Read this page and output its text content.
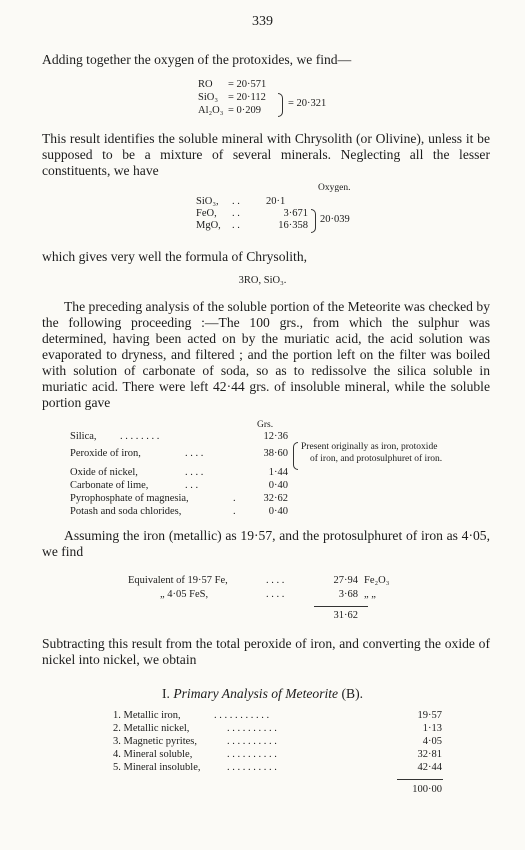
339
Adding together the oxygen of the protoxides, we find—
RO = 20·571
SiO₃ = 20·112
Al₂O₃ = 0·209
= 20·321
This result identifies the soluble mineral with Chrysolith (or Olivine), unless it be supposed to be a mixture of several minerals. Neglecting all the lesser constituents, we have
Oxygen.
SiO₃, . . 20·1
FeO, . .	3·671
MgO, . .	16·358
20·039
which gives very well the formula of Chrysolith,
3RO, SiO₃.
The preceding analysis of the soluble portion of the Meteorite was checked by the following proceeding :—The 100 grs., from which the sulphur was determined, having been acted on by the muriatic acid, the acid solution was evaporated to dryness, and filtered ; and the portion left on the filter was boiled with solution of carbonate of soda, so as to redissolve the silica soluble in muriatic acid. There were left 42·44 grs. of insoluble mineral, while the soluble portion gave
Grs.
Silica, . . . . . . . .	12·36
Peroxide of iron,	. . . .	38·60
Present originally as iron, protoxide
of iron, and protosulphuret of iron.
Oxide of nickel,	. . . .	1·44
Carbonate of lime,	. . .	0·40
Pyrophosphate of magnesia,	.	32·62
Potash and soda chlorides,	.	0·40
Assuming the iron (metallic) as 19·57, and the protosulphuret of iron as 4·05, we find
Equivalent of 19·57 Fe,	. . . .	27·94 Fe₂O₃
„ 4·05 FeS,	. . . .	3·68 „ „
31·62
Subtracting this result from the total peroxide of iron, and converting the oxide of nickel into nickel, we obtain
I. Primary Analysis of Meteorite (B).
1. Metallic iron,	. . . . . . . . . . .	19·57
2. Metallic nickel,	. . . . . . . . . .	1·13
3. Magnetic pyrites,	. . . . . . . . . .	4·05
4. Mineral soluble,	. . . . . . . . . .	32·81
5. Mineral insoluble,	. . . . . . . . . .	42·44
100·00
